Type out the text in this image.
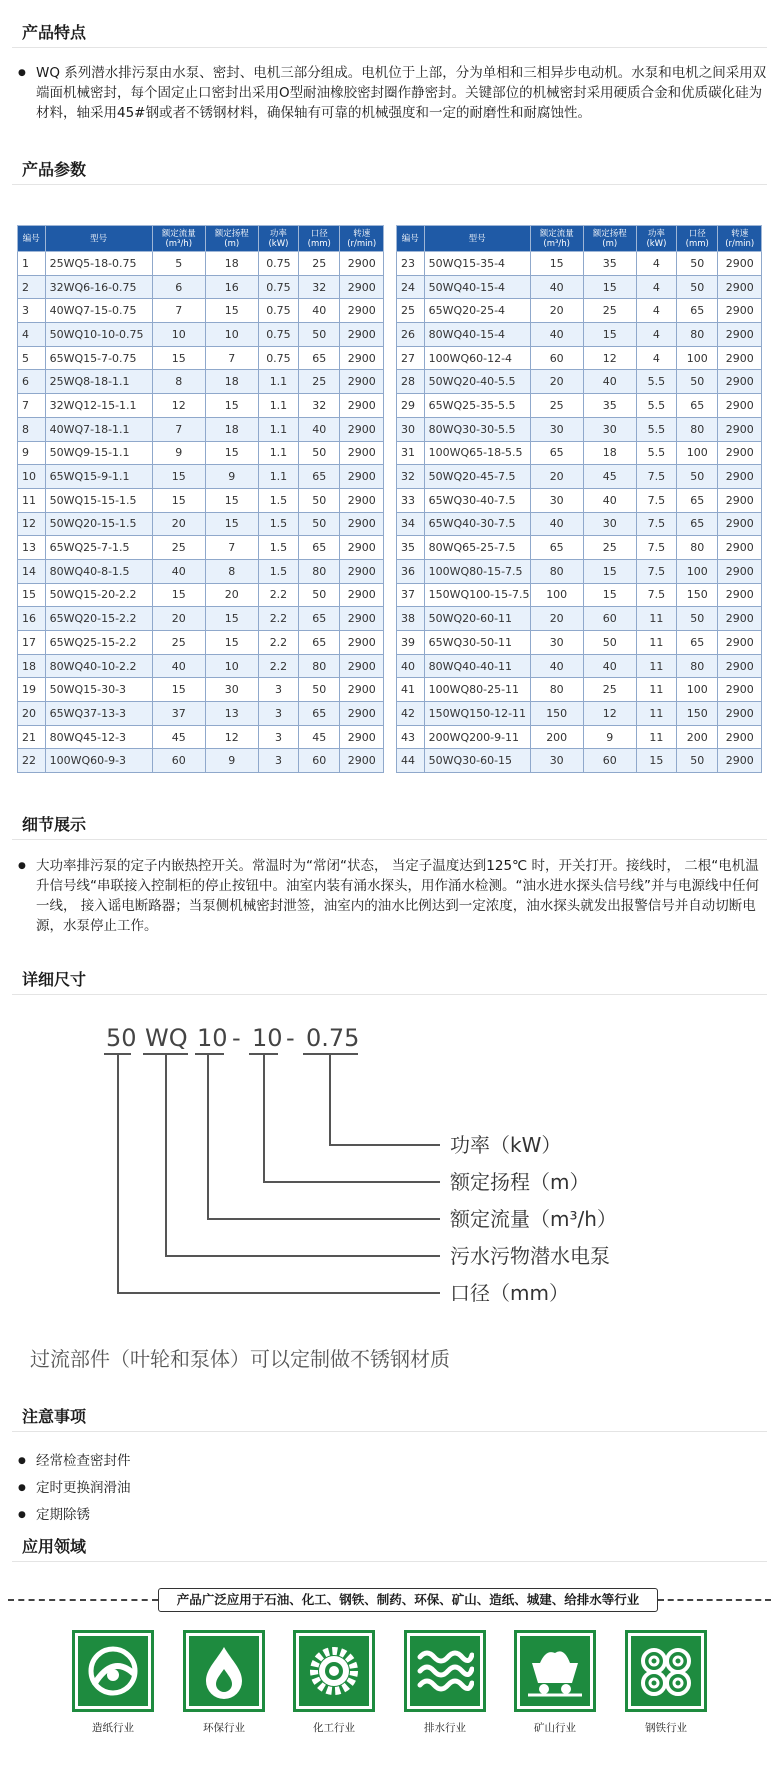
产品特点
● WQ 系列潜水排污泵由水泵、密封、电机三部分组成。电机位于上部，分为单相和三相异步电动机。水泵和电机之间采用双端面机械密封，每个固定止口密封出采用O型耐油橡胶密封圈作静密封。关键部位的机械密封采用硬质合金和优质碳化硅为材料，轴采用45#钢或者不锈钢材料，确保轴有可靠的机械强度和一定的耐磨性和耐腐蚀性。
产品参数
编号	型号	额定流量 (m³/h)	额定扬程 (m)	功率 (kW)	口径 (mm)	转速 (r/min)
1	25WQ5-18-0.75	5	18	0.75	25	2900
2	32WQ6-16-0.75	6	16	0.75	32	2900
3	40WQ7-15-0.75	7	15	0.75	40	2900
4	50WQ10-10-0.75	10	10	0.75	50	2900
5	65WQ15-7-0.75	15	7	0.75	65	2900
6	25WQ8-18-1.1	8	18	1.1	25	2900
7	32WQ12-15-1.1	12	15	1.1	32	2900
8	40WQ7-18-1.1	7	18	1.1	40	2900
9	50WQ9-15-1.1	9	15	1.1	50	2900
10	65WQ15-9-1.1	15	9	1.1	65	2900
11	50WQ15-15-1.5	15	15	1.5	50	2900
12	50WQ20-15-1.5	20	15	1.5	50	2900
13	65WQ25-7-1.5	25	7	1.5	65	2900
14	80WQ40-8-1.5	40	8	1.5	80	2900
15	50WQ15-20-2.2	15	20	2.2	50	2900
16	65WQ20-15-2.2	20	15	2.2	65	2900
17	65WQ25-15-2.2	25	15	2.2	65	2900
18	80WQ40-10-2.2	40	10	2.2	80	2900
19	50WQ15-30-3	15	30	3	50	2900
20	65WQ37-13-3	37	13	3	65	2900
21	80WQ45-12-3	45	12	3	45	2900
22	100WQ60-9-3	60	9	3	60	2900
编号	型号	额定流量 (m³/h)	额定扬程 (m)	功率 (kW)	口径 (mm)	转速 (r/min)
23	50WQ15-35-4	15	35	4	50	2900
24	50WQ40-15-4	40	15	4	50	2900
25	65WQ20-25-4	20	25	4	65	2900
26	80WQ40-15-4	40	15	4	80	2900
27	100WQ60-12-4	60	12	4	100	2900
28	50WQ20-40-5.5	20	40	5.5	50	2900
29	65WQ25-35-5.5	25	35	5.5	65	2900
30	80WQ30-30-5.5	30	30	5.5	80	2900
31	100WQ65-18-5.5	65	18	5.5	100	2900
32	50WQ20-45-7.5	20	45	7.5	50	2900
33	65WQ30-40-7.5	30	40	7.5	65	2900
34	65WQ40-30-7.5	40	30	7.5	65	2900
35	80WQ65-25-7.5	65	25	7.5	80	2900
36	100WQ80-15-7.5	80	15	7.5	100	2900
37	150WQ100-15-7.5	100	15	7.5	150	2900
38	50WQ20-60-11	20	60	11	50	2900
39	65WQ30-50-11	30	50	11	65	2900
40	80WQ40-40-11	40	40	11	80	2900
41	100WQ80-25-11	80	25	11	100	2900
42	150WQ150-12-11	150	12	11	150	2900
43	200WQ200-9-11	200	9	11	200	2900
44	50WQ30-60-15	30	60	15	50	2900
细节展示
● 大功率排污泵的定子内嵌热控开关。常温时为“常闭“状态， 当定子温度达到125℃ 时，开关打开。接线时， 二根“电机温升信号线“串联接入控制柜的停止按钮中。油室内装有涌水探头，用作涌水检测。“油水进水探头信号线”并与电源线中任何一线， 接入谣电断路器；当泵侧机械密封泄签，油室内的油水比例达到一定浓度，油水探头就发出报警信号并自动切断电源，水泵停止工作。
详细尺寸
50 WQ 10 - 10 - 0.75
功率（kW）
额定扬程（m）
额定流量（m³/h）
污水污物潜水电泵
口径（mm）
过流部件（叶轮和泵体）可以定制做不锈钢材质
注意事项
● 经常检查密封件
● 定时更换润滑油
● 定期除锈
应用领域
产品广泛应用于石油、化工、钢铁、制药、环保、矿山、造纸、城建、给排水等行业
造纸行业	环保行业	化工行业	排水行业	矿山行业	钢铁行业
